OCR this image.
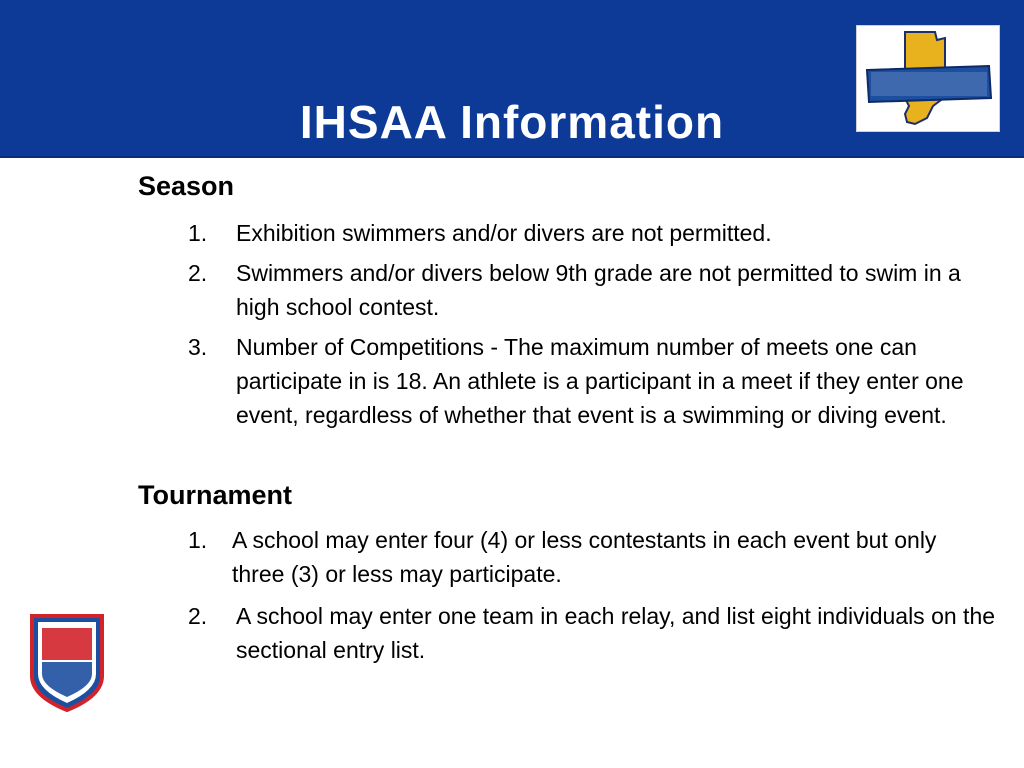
IHSAA Information
Season
1. Exhibition swimmers and/or divers are not permitted.
2. Swimmers and/or divers below 9th grade are not permitted to swim in a high school contest.
3. Number of Competitions - The maximum number of meets one can participate in is 18. An athlete is a participant in a meet if they enter one event, regardless of whether that event is a swimming or diving event.
Tournament
1. A school may enter four (4) or less contestants in each event but only three (3) or less may participate.
2. A school may enter one team in each relay, and list eight individuals on the sectional entry list.
